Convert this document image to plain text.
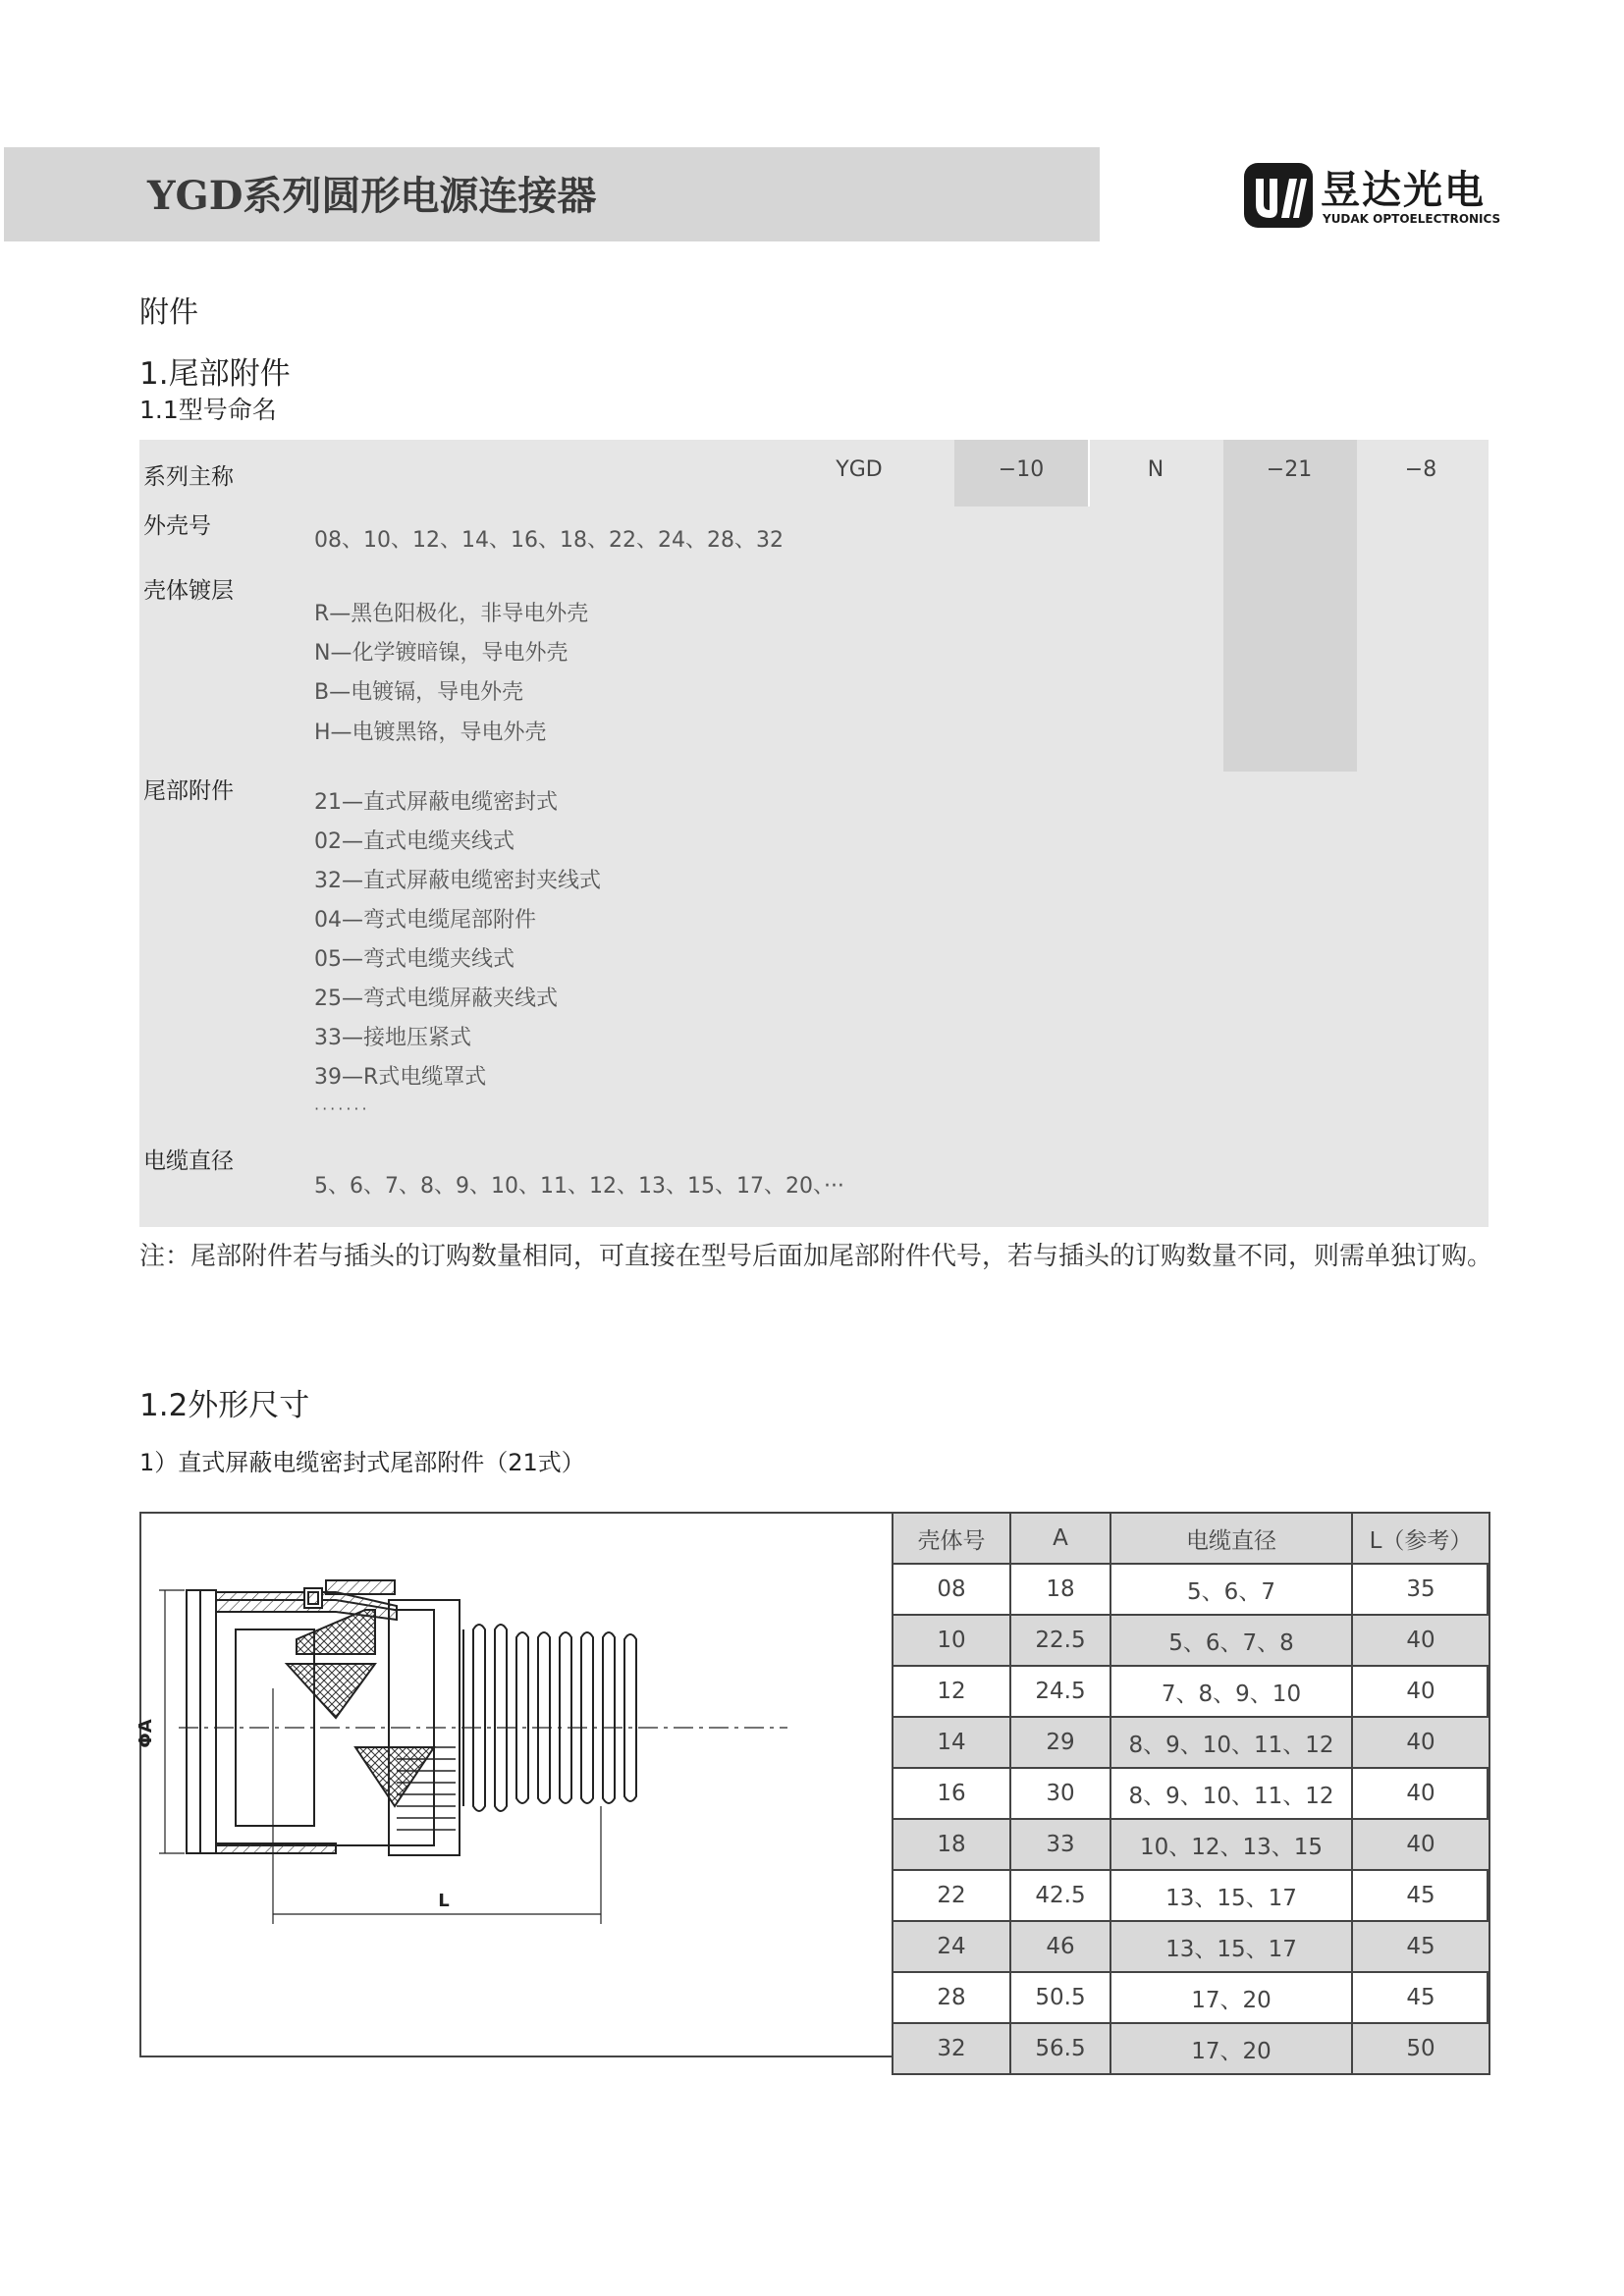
YGD系列圆形电源连接器	昱达光电
YUDAK OPTOELECTRONICS
附件
1.尾部附件
1.1型号命名
YGD	−10	N	−21	−8
系列主称
外壳号
08、10、12、14、16、18、22、24、28、32
壳体镀层
R—黑色阳极化，非导电外壳
N—化学镀暗镍，导电外壳
B—电镀镉，导电外壳
H—电镀黑铬，导电外壳
尾部附件	21—直式屏蔽电缆密封式
02—直式电缆夹线式
32—直式屏蔽电缆密封夹线式
04—弯式电缆尾部附件
05—弯式电缆夹线式
25—弯式电缆屏蔽夹线式
33—接地压紧式
39—R式电缆罩式
·······
电缆直径
5、6、7、8、9、10、11、12、13、15、17、20、···
注：尾部附件若与插头的订购数量相同，可直接在型号后面加尾部附件代号，若与插头的订购数量不同，则需单独订购。
1.2外形尺寸
1）直式屏蔽电缆密封式尾部附件（21式）
ΦA
L
壳体号	A	电缆直径	L（参考）
08	18	5、6、7	35
10	22.5	5、6、7、8	40
12	24.5	7、8、9、10	40
14	29	8、9、10、11、12	40
16	30	8、9、10、11、12	40
18	33	10、12、13、15	40
22	42.5	13、15、17	45
24	46	13、15、17	45
28	50.5	17、20	45
32	56.5	17、20	50
